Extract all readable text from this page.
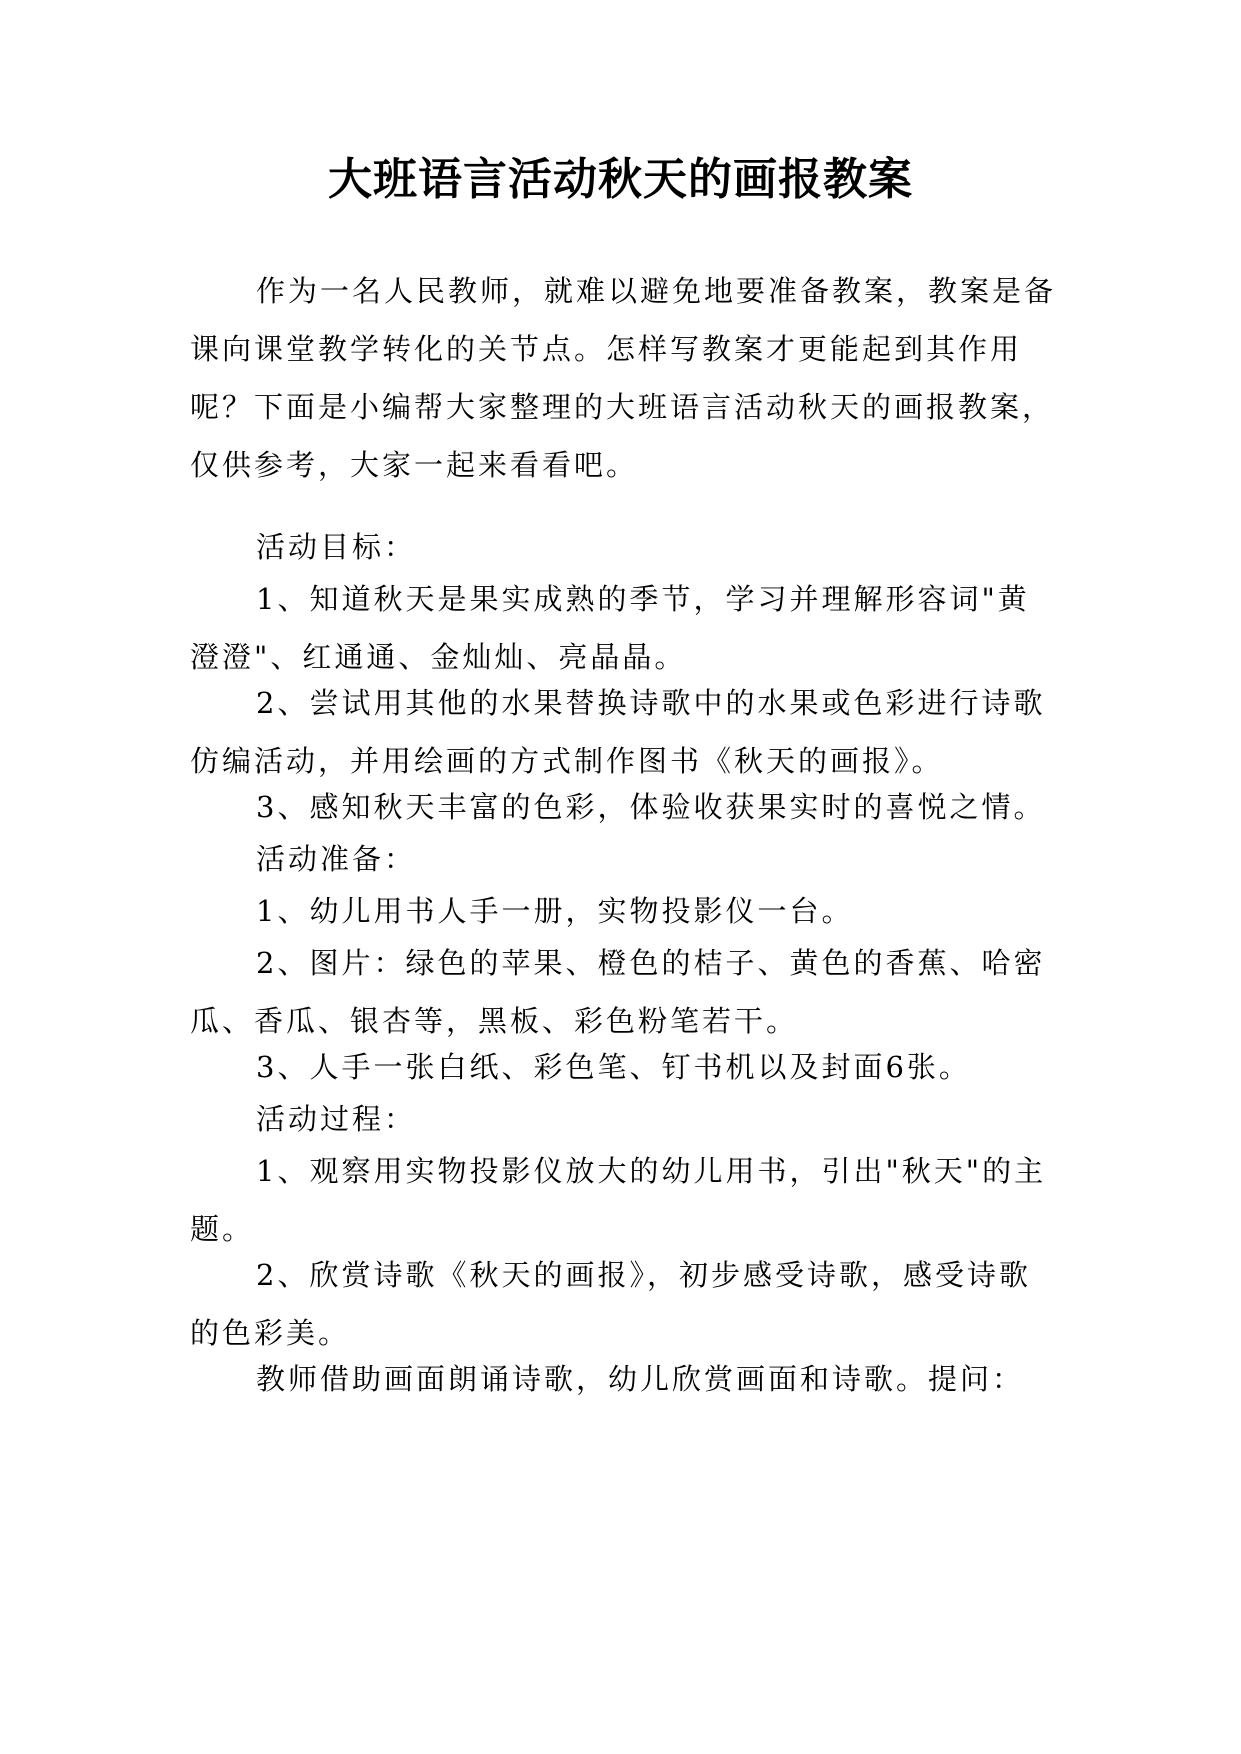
大班语言活动秋天的画报教案
作为一名人民教师，就难以避免地要准备教案，教案是备课向课堂教学转化的关节点。怎样写教案才更能起到其作用呢？下面是小编帮大家整理的大班语言活动秋天的画报教案，仅供参考，大家一起来看看吧。
活动目标：
1、知道秋天是果实成熟的季节，学习并理解形容词"黄澄澄"、红通通、金灿灿、亮晶晶。
2、尝试用其他的水果替换诗歌中的水果或色彩进行诗歌仿编活动，并用绘画的方式制作图书《秋天的画报》。
3、感知秋天丰富的色彩，体验收获果实时的喜悦之情。
活动准备：
1、幼儿用书人手一册，实物投影仪一台。
2、图片：绿色的苹果、橙色的桔子、黄色的香蕉、哈密瓜、香瓜、银杏等，黑板、彩色粉笔若干。
3、人手一张白纸、彩色笔、钉书机以及封面6张。
活动过程：
1、观察用实物投影仪放大的幼儿用书，引出"秋天"的主题。
2、欣赏诗歌《秋天的画报》，初步感受诗歌，感受诗歌的色彩美。
教师借助画面朗诵诗歌，幼儿欣赏画面和诗歌。提问：
